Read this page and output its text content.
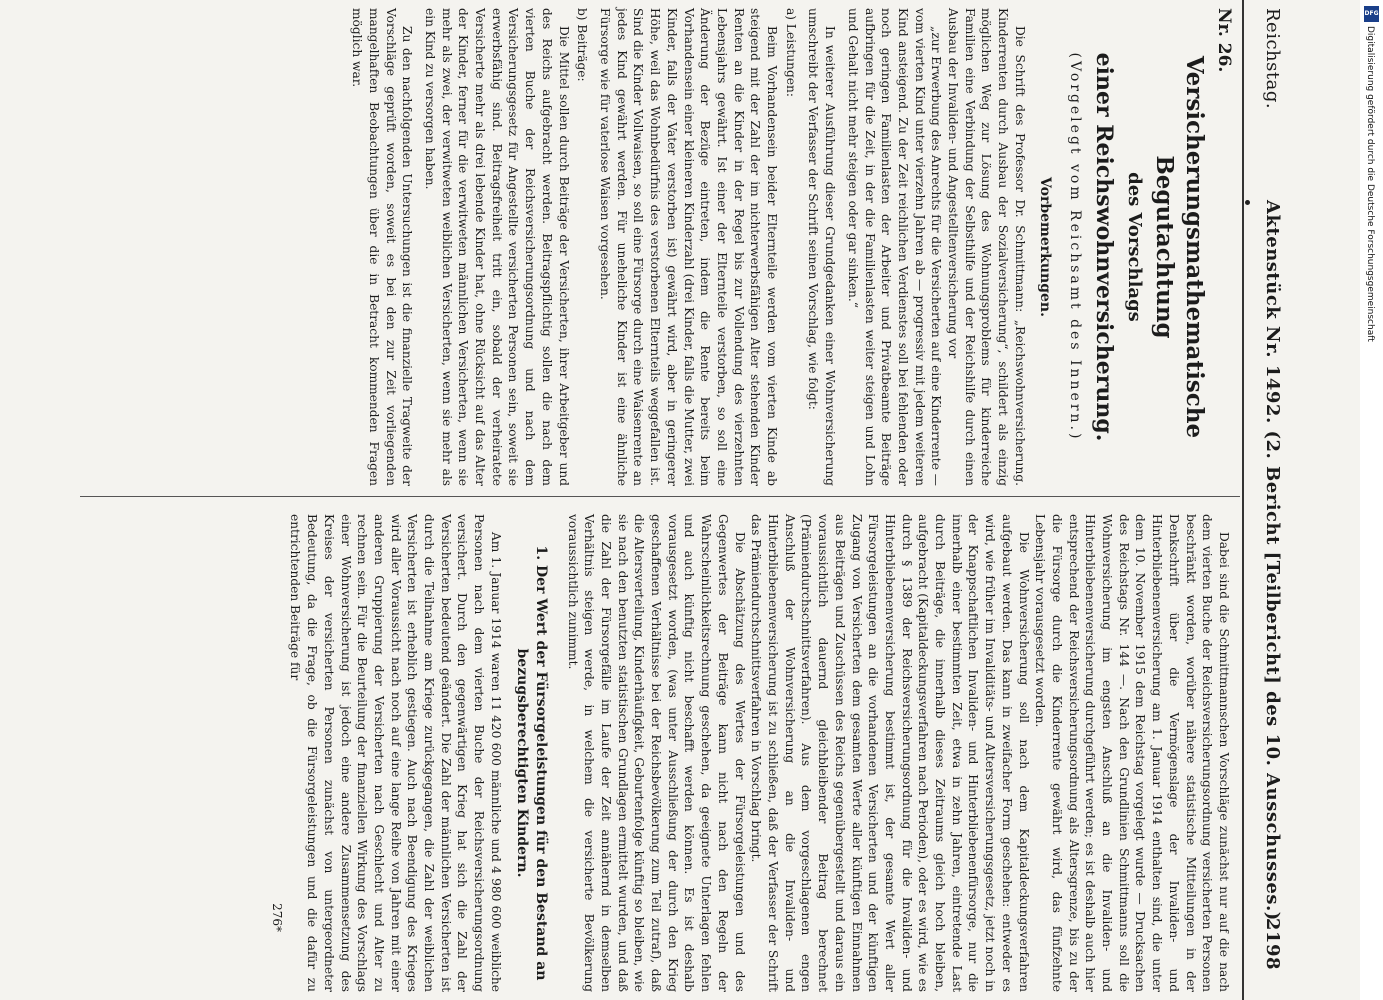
Reichstag.
Aktenstück Nr. 1492. (2. Bericht [Teilbericht] des 10. Ausschusses.)
2198
Nr. 26.
Versicherungsmathematische Begutachtung
des Vorschlags
einer Reichswohnversicherung.
(Vorgelegt vom Reichsamt des Innern.)
Vorbemerkungen.

Die Schrift des Professor Dr. Schmittmann: „Reichswohnversicherung. Kinderrenten durch Ausbau der Sozialversicherung“, schildert als einzig möglichen Weg zur Lösung des Wohnungsproblems für kinderreiche Familien eine Verbindung der Selbsthilfe und der Reichshilfe durch einen Ausbau der Invaliden- und Angestelltenversicherung vor

„zur Erwerbung des Anrechts für die Versicherten auf eine Kinderrente — vom vierten Kind unter vierzehn Jahren ab — progressiv mit jedem weiteren Kind ansteigend. Zu der Zeit reichlichen Verdienstes soll bei fehlenden oder noch geringen Familienlasten der Arbeiter und Privatbeamte Beiträge aufbringen für die Zeit, in der die Familienlasten weiter steigen und Lohn und Gehalt nicht mehr steigen oder gar sinken.“

In weiterer Ausführung dieser Grundgedanken einer Wohnversicherung umschreibt der Verfasser der Schrift seinen Vorschlag, wie folgt:

a) Leistungen:

Beim Vorhandensein beider Elternteile werden vom vierten Kinde ab steigend mit der Zahl der im nichterwerbsfähigen Alter stehenden Kinder Renten an die Kinder in der Regel bis zur Vollendung des vierzehnten Lebensjahrs gewährt. Ist einer der Elternteile verstorben, so soll eine Änderung der Bezüge eintreten, indem die Rente bereits beim Vorhandensein einer kleineren Kinderzahl (drei Kinder, falls die Mutter, zwei Kinder, falls der Vater verstorben ist) gewährt wird, aber in geringerer Höhe, weil das Wohnbedürfnis des verstorbenen Elternteils weggefallen ist. Sind die Kinder Vollwaisen, so soll eine Fürsorge durch eine Waisenrente an jedes Kind gewährt werden. Für uneheliche Kinder ist eine ähnliche Fürsorge wie für vaterlose Waisen vorgesehen.

b) Beiträge:

Die Mittel sollen durch Beiträge der Versicherten, ihrer Arbeitgeber und des Reichs aufgebracht werden. Beitragspflichtig sollen die nach dem vierten Buche der Reichsversicherungsordnung und nach dem Versicherungsgesetz für Angestellte versicherten Personen sein, soweit sie erwerbsfähig sind. Beitragsfreiheit tritt ein, sobald der verheiratete Versicherte mehr als drei lebende Kinder hat, ohne Rücksicht auf das Alter der Kinder, ferner für die verwitweten männlichen Versicherten, wenn sie mehr als zwei, der verwitweten weiblichen Versicherten, wenn sie mehr als ein Kind zu versorgen haben.

Zu den nachfolgenden Untersuchungen ist die finanzielle Tragweite der Vorschläge geprüft worden, soweit es bei den zur Zeit vorliegenden mangelhaften Beobachtungen über die in Betracht kommenden Fragen möglich war.

Dabei sind die Schmittmannschen Vorschläge zunächst nur auf die nach dem vierten Buche der Reichsversicherungsordnung versicherten Personen beschränkt worden, worüber nähere statistische Mitteilungen in der Denkschrift über die Vermögenslage der Invaliden- und Hinterbliebenenversicherung am 1. Januar 1914 enthalten sind, die unter dem 10. November 1915 dem Reichstag vorgelegt wurde — Drucksachen des Reichstags Nr. 144 —. Nach den Grundlinien Schmittmanns soll die Wohnversicherung im engsten Anschluß an die Invaliden- und Hinterbliebenenversicherung durchgeführt werden; es ist deshalb auch hier entsprechend der Reichsversicherungsordnung als Altersgrenze, bis zu der die Fürsorge durch die Kinderrente gewährt wird, das fünfzehnte Lebensjahr vorausgesetzt worden.

Die Wohnversicherung soll nach dem Kapitaldeckungsverfahren aufgebaut werden. Das kann in zweifacher Form geschehen: entweder es wird, wie früher im Invaliditäts- und Altersversicherungsgesetz, jetzt noch in der Knappschaftlichen Invaliden- und Hinterbliebenenfürsorge, nur die innerhalb einer bestimmten Zeit, etwa in zehn Jahren, eintretende Last durch Beiträge, die innerhalb dieses Zeitraums gleich hoch bleiben, aufgebracht (Kapitaldeckungsverfahren nach Perioden), oder es wird, wie es durch § 1389 der Reichsversicherungsordnung für die Invaliden- und Hinterbliebenenversicherung bestimmt ist, der gesamte Wert aller Fürsorgeleistungen an die vorhandenen Versicherten und der künftigen Zugang von Versicherten dem gesamten Werte aller künftigen Einnahmen aus Beiträgen und Zuschüssen des Reichs gegenübergestellt und daraus ein voraussichtlich dauernd gleichbleibender Beitrag berechnet (Prämiendurchschnittsverfahren). Aus dem vorgeschlagenen engen Anschluß der Wohnversicherung an die Invaliden- und Hinterbliebenenversicherung ist zu schließen, daß der Verfasser der Schrift das Prämiendurchschnittsverfahren in Vorschlag bringt.

Die Abschätzung des Wertes der Fürsorgeleistungen und des Gegenwertes der Beiträge kann nicht nach den Regeln der Wahrscheinlichkeitsrechnung geschehen, da geeignete Unterlagen fehlen und auch künftig nicht beschafft werden können. Es ist deshalb vorausgesetzt worden, (was unter Ausschließung der durch den Krieg geschaffenen Verhältnisse bei der Reichsbevölkerung zum Teil zutraf), daß die Altersverteilung, Kinderhäufigkeit, Geburtenfolge künftig so bleiben, wie sie nach den benutzten statistischen Grundlagen ermittelt wurden, und daß die Zahl der Fürsorgefälle im Laufe der Zeit annähernd in demselben Verhältnis steigen werde, in welchem die versicherte Bevölkerung voraussichtlich zunimmt.

1. Der Wert der Fürsorgeleistungen für den Bestand an bezugsberechtigten Kindern.

Am 1. Januar 1914 waren 11 420 600 männliche und 4 980 600 weibliche Personen nach dem vierten Buche der Reichsversicherungsordnung versichert. Durch den gegenwärtigen Krieg hat sich die Zahl der Versicherten bedeutend geändert. Die Zahl der männlichen Versicherten ist durch die Teilnahme am Kriege zurückgegangen, die Zahl der weiblichen Versicherten ist erheblich gestiegen. Auch nach Beendigung des Krieges wird aller Voraussicht nach noch auf eine lange Reihe von Jahren mit einer anderen Gruppierung der Versicherten nach Geschlecht und Alter zu rechnen sein. Für die Beurteilung der finanziellen Wirkung des Vorschlags einer Wohnversicherung ist jedoch eine andere Zusammensetzung des Kreises der versicherten Personen zunächst von untergeordneter Bedeutung, da die Frage, ob die Fürsorgeleistungen und die dafür zu entrichtenden Beiträge für

276*
DFG
Digitalisierung gefördert durch die Deutsche Forschungsgemeinschaft
